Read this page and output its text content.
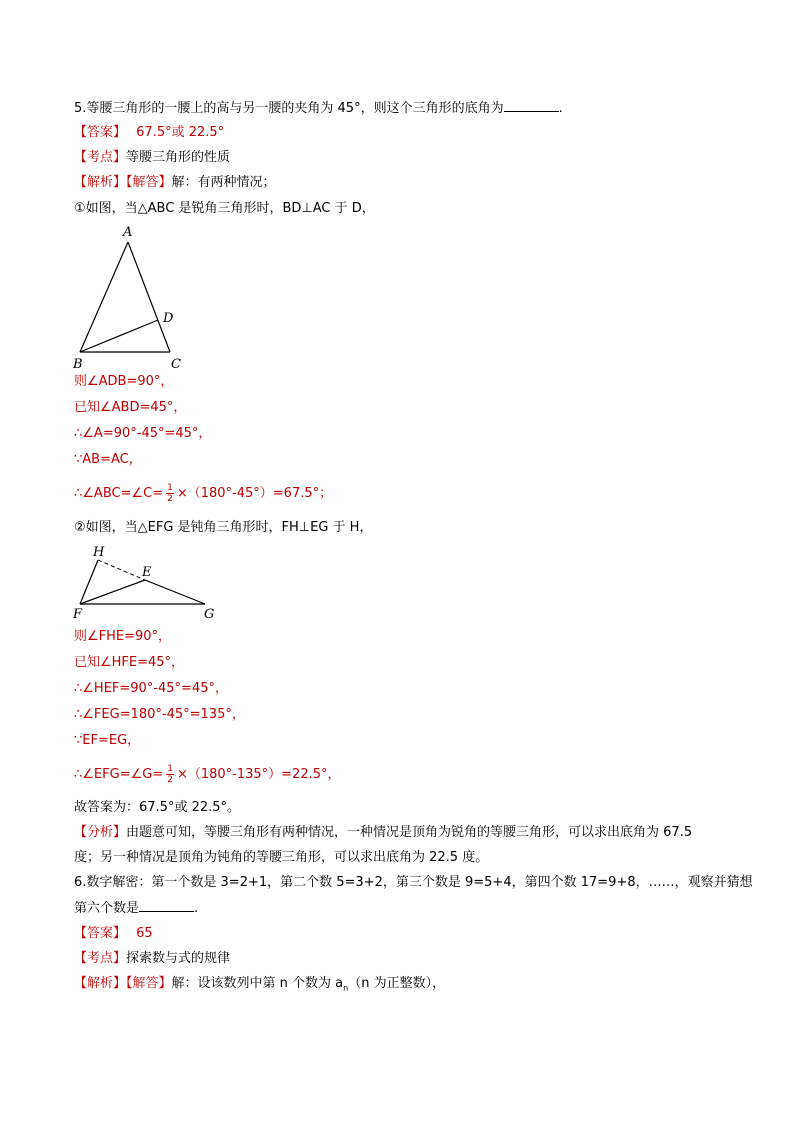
5.等腰三角形的一腰上的高与另一腰的夹角为 45°，则这个三角形的底角为	.
【答案】 67.5°或 22.5°
【考点】等腰三角形的性质
【解析】【解答】解：有两种情况；
①如图，当△ABC 是锐角三角形时，BD⊥AC 于 D，
A
B	C
D
则∠ADB=90°，
已知∠ABD=45°，
∴∠A=90°-45°=45°，
∵AB=AC，
∴∠ABC=∠C= $\frac{1}{2} \times(180^\circ-45^\circ)=67.5^\circ$；
②如图，当△EFG 是钝角三角形时，FH⊥EG 于 H，
H
E
F	G
则∠FHE=90°，
已知∠HFE=45°，
∴∠HEF=90°-45°=45°，
∴∠FEG=180°-45°=135°，
∵EF=EG，
∴∠EFG=∠G= $\frac{1}{2} \times(180^\circ-135^\circ)=22.5^\circ$，
故答案为：67.5°或 22.5°。
【分析】由题意可知，等腰三角形有两种情况，一种情况是顶角为锐角的等腰三角形，可以求出底角为 67.5
度；另一种情况是顶角为钝角的等腰三角形，可以求出底角为 22.5 度。
6.数字解密：第一个数是 3=2+1，第二个数 5=3+2，第三个数是 9=5+4，第四个数 17=9+8，……，观察并猜想
第六个数是	.
【答案】 65
【考点】探索数与式的规律
【解析】【解答】解：设该数列中第 n 个数为 $a_n(n$ 为正整数），
